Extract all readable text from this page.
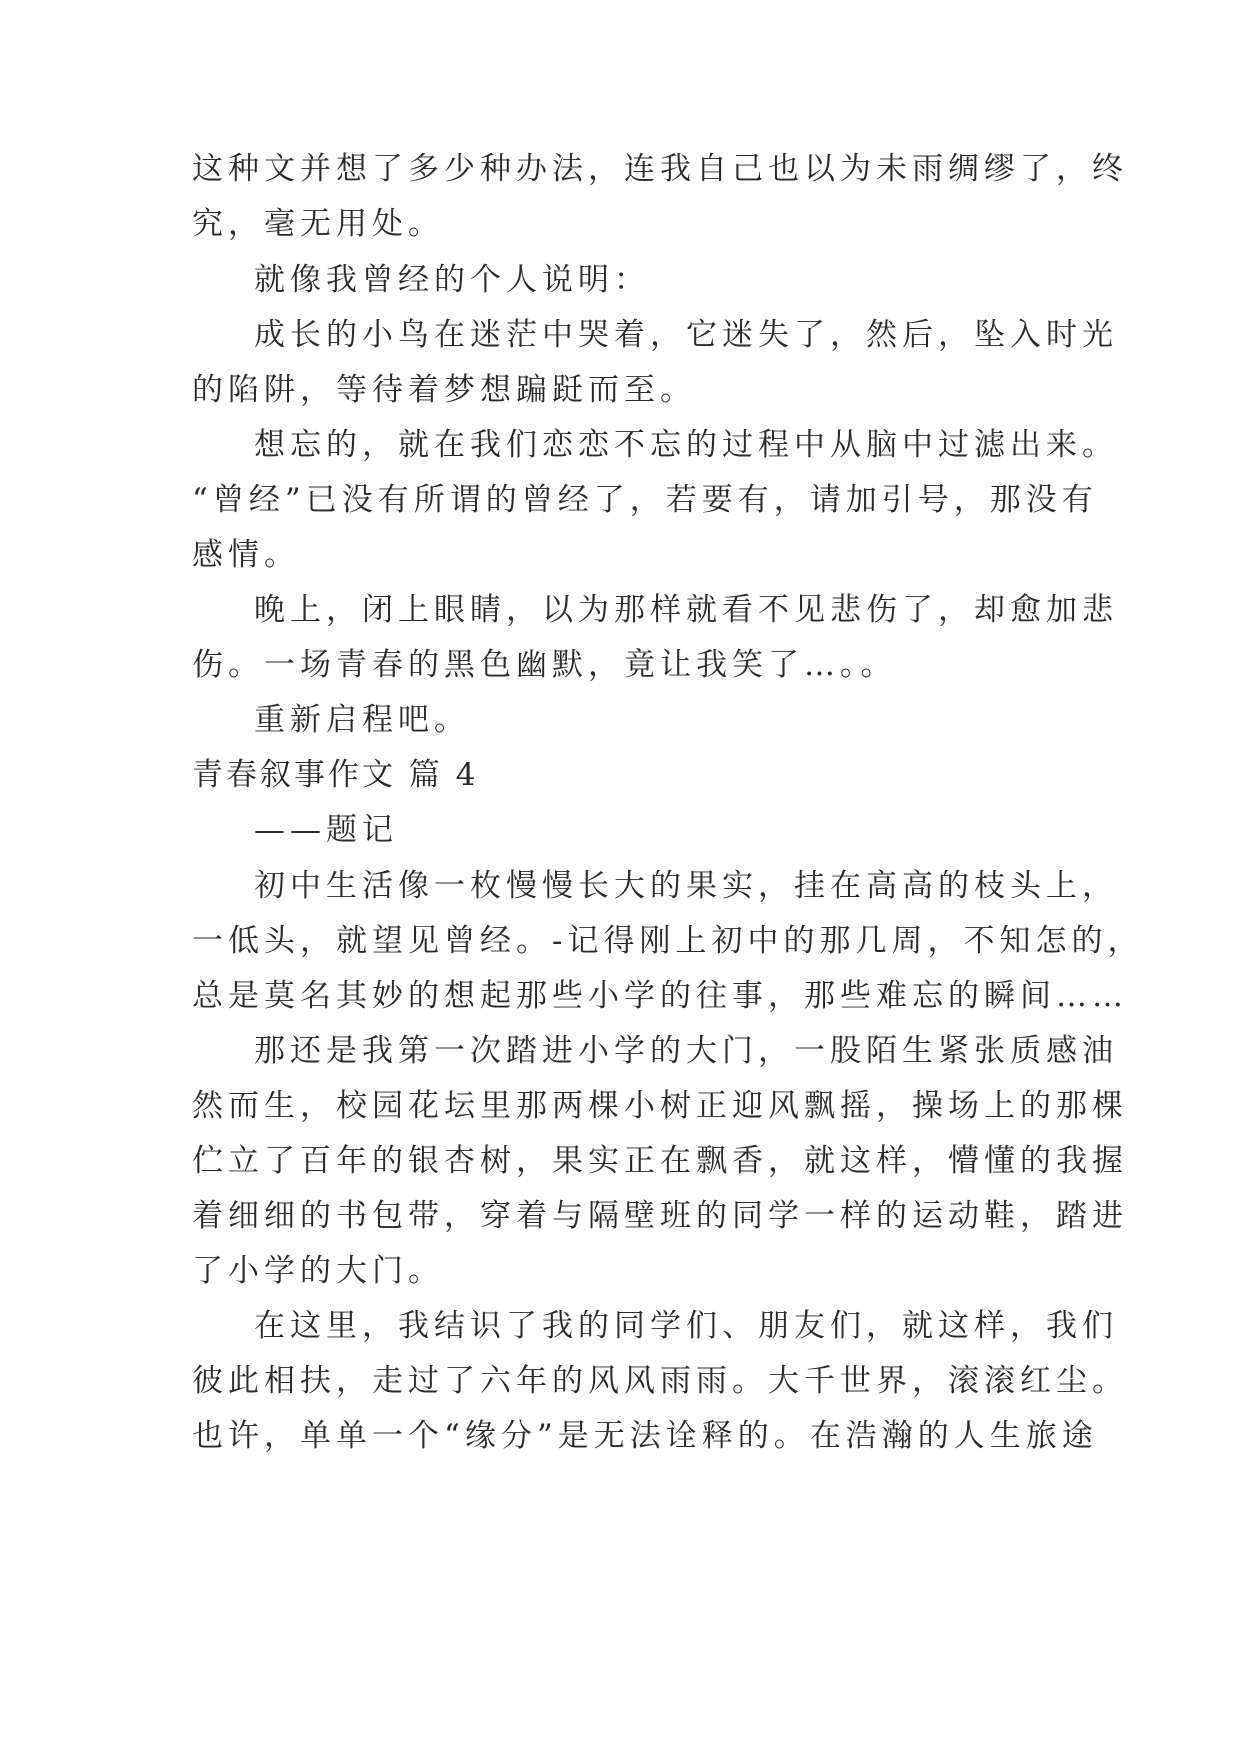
这种文并想了多少种办法，连我自己也以为未雨绸缪了，终
究，毫无用处。
就像我曾经的个人说明：
成长的小鸟在迷茫中哭着，它迷失了，然后，坠入时光
的陷阱，等待着梦想蹁跹而至。
想忘的，就在我们恋恋不忘的过程中从脑中过滤出来。
“曾经”已没有所谓的曾经了，若要有，请加引号，那没有
感情。
晚上，闭上眼睛，以为那样就看不见悲伤了，却愈加悲
伤。一场青春的黑色幽默，竟让我笑了…。。
重新启程吧。
青春叙事作文 篇 4
——题记
初中生活像一枚慢慢长大的果实，挂在高高的枝头上，
一低头，就望见曾经。-记得刚上初中的那几周，不知怎的，
总是莫名其妙的想起那些小学的往事，那些难忘的瞬间……
那还是我第一次踏进小学的大门，一股陌生紧张质感油
然而生，校园花坛里那两棵小树正迎风飘摇，操场上的那棵
伫立了百年的银杏树，果实正在飘香，就这样，懵懂的我握
着细细的书包带，穿着与隔壁班的同学一样的运动鞋，踏进
了小学的大门。
在这里，我结识了我的同学们、朋友们，就这样，我们
彼此相扶，走过了六年的风风雨雨。大千世界，滚滚红尘。
也许，单单一个“缘分”是无法诠释的。在浩瀚的人生旅途
